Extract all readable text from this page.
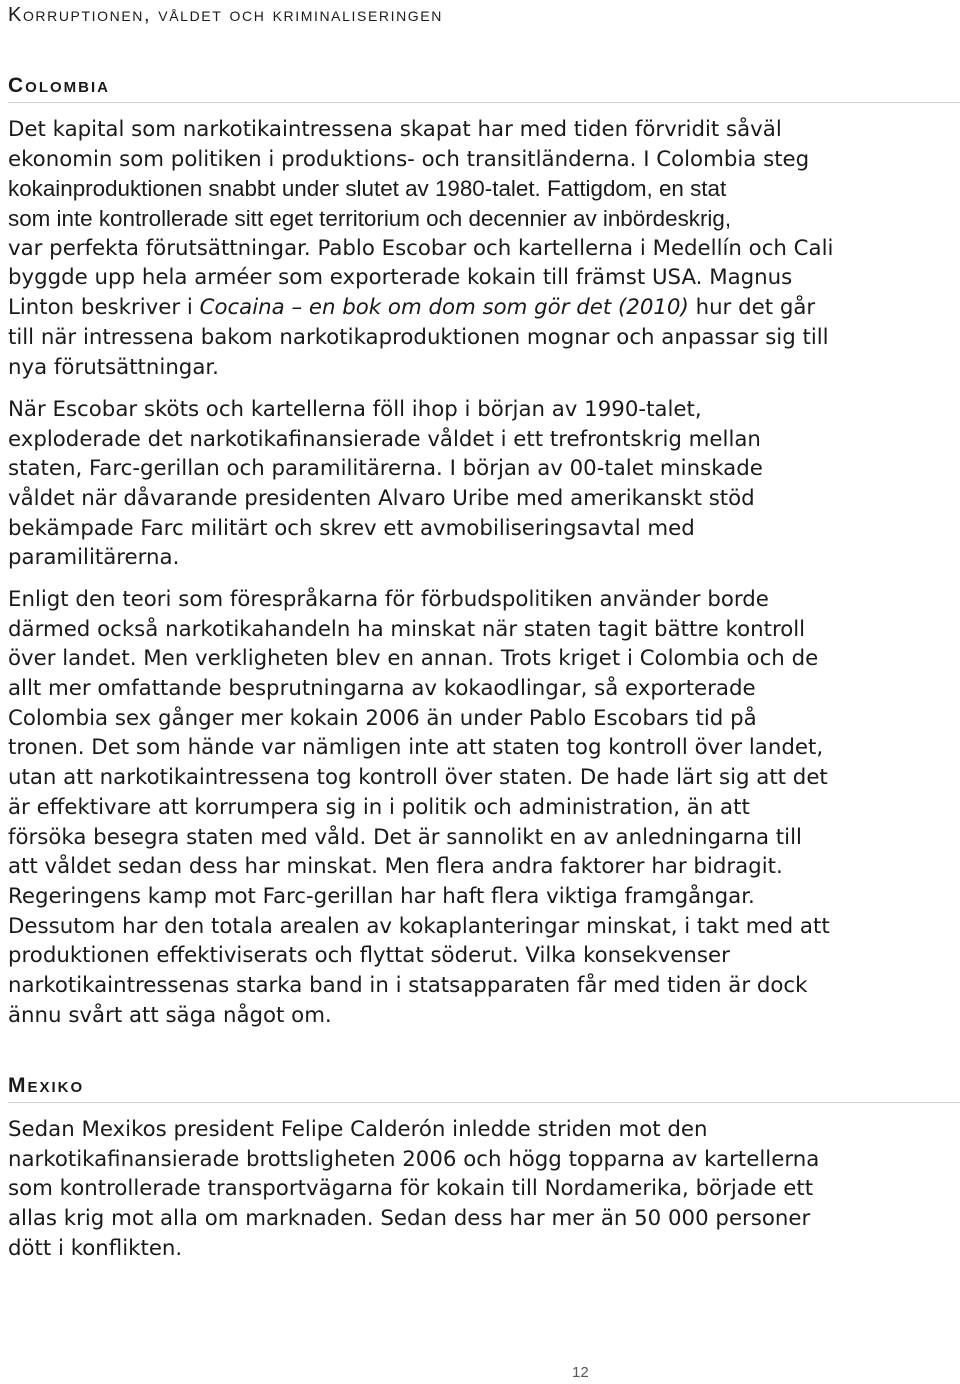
Korruptionen, våldet och kriminaliseringen
Colombia
Det kapital som narkotikaintressena skapat har med tiden förvridit såväl
ekonomin som politiken i produktions- och transitländerna. I Colombia steg
kokainproduktionen snabbt under slutet av 1980-talet. Fattigdom, en stat
som inte kontrollerade sitt eget territorium och decennier av inbördeskrig,
var perfekta förutsättningar. Pablo Escobar och kartellerna i Medellín och Cali
byggde upp hela arméer som exporterade kokain till främst USA. Magnus
Linton beskriver i Cocaina – en bok om dom som gör det (2010) hur det går
till när intressena bakom narkotikaproduktionen mognar och anpassar sig till
nya förutsättningar.
När Escobar sköts och kartellerna föll ihop i början av 1990-talet,
exploderade det narkotikafinansierade våldet i ett trefrontskrig mellan
staten, Farc-gerillan och paramilitärerna. I början av 00-talet minskade
våldet när dåvarande presidenten Alvaro Uribe med amerikanskt stöd
bekämpade Farc militärt och skrev ett avmobiliseringsavtal med
paramilitärerna.
Enligt den teori som förespråkarna för förbudspolitiken använder borde
därmed också narkotikahandeln ha minskat när staten tagit bättre kontroll
över landet. Men verkligheten blev en annan. Trots kriget i Colombia och de
allt mer omfattande besprutningarna av kokaodlingar, så exporterade
Colombia sex gånger mer kokain 2006 än under Pablo Escobars tid på
tronen. Det som hände var nämligen inte att staten tog kontroll över landet,
utan att narkotikaintressena tog kontroll över staten. De hade lärt sig att det
är effektivare att korrumpera sig in i politik och administration, än att
försöka besegra staten med våld. Det är sannolikt en av anledningarna till
att våldet sedan dess har minskat. Men flera andra faktorer har bidragit.
Regeringens kamp mot Farc-gerillan har haft flera viktiga framgångar.
Dessutom har den totala arealen av kokaplanteringar minskat, i takt med att
produktionen effektiviserats och flyttat söderut. Vilka konsekvenser
narkotikaintressenas starka band in i statsapparaten får med tiden är dock
ännu svårt att säga något om.
Mexiko
Sedan Mexikos president Felipe Calderón inledde striden mot den
narkotikafinansierade brottsligheten 2006 och högg topparna av kartellerna
som kontrollerade transportvägarna för kokain till Nordamerika, började ett
allas krig mot alla om marknaden. Sedan dess har mer än 50 000 personer
dött i konflikten.
12
